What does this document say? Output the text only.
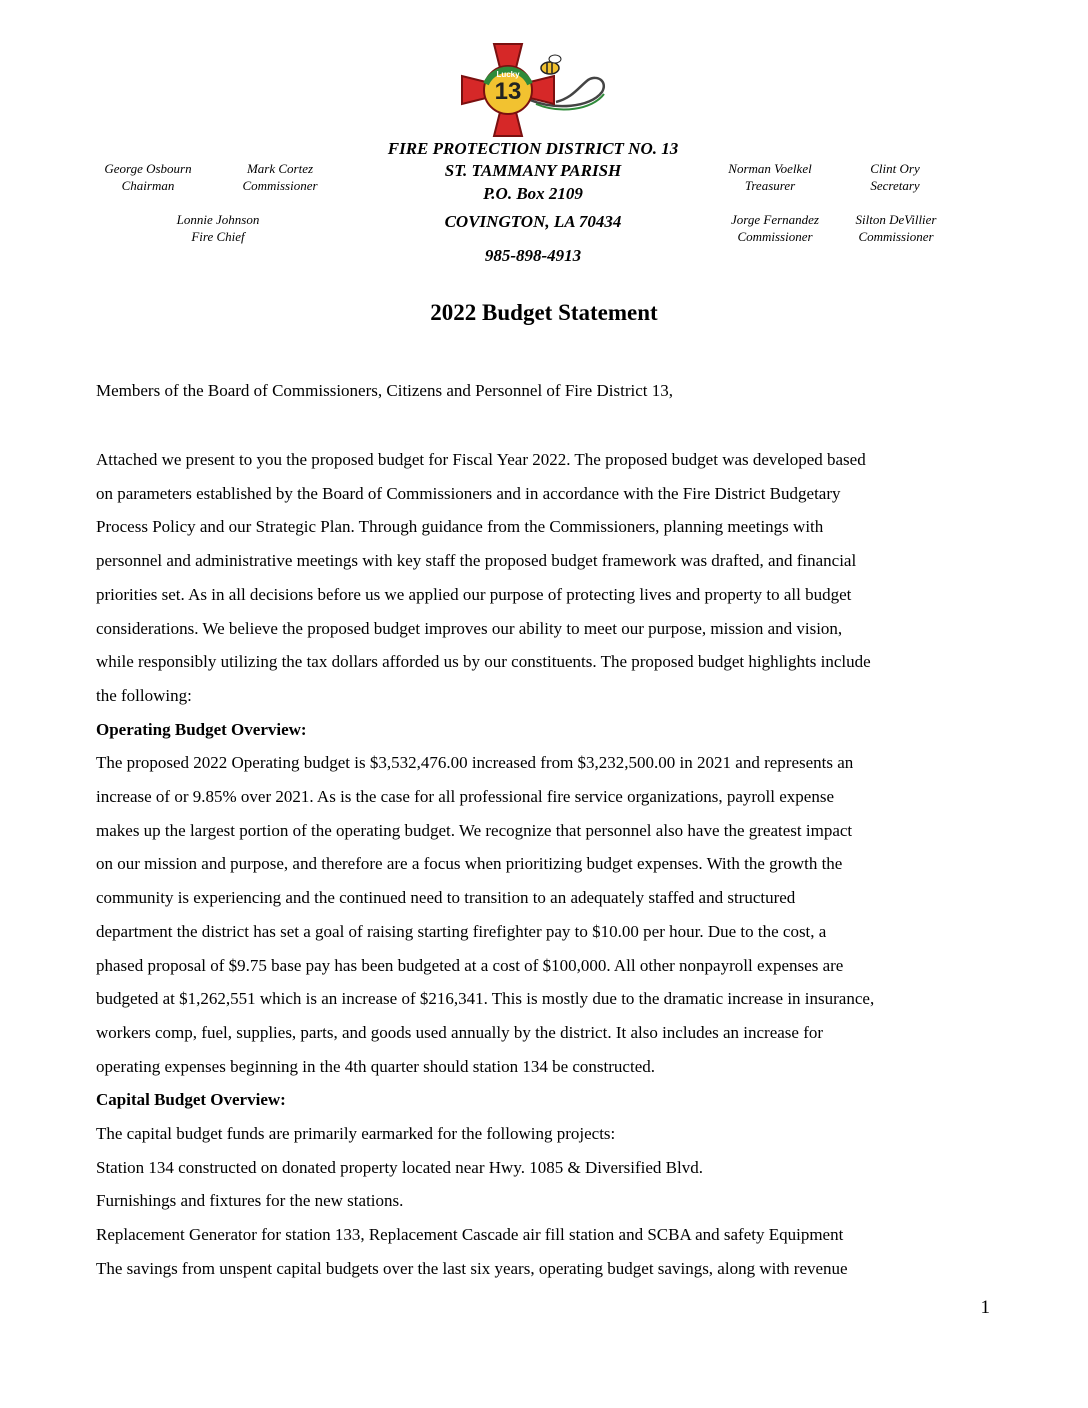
13
Lucky
George Osbourn
Chairman
Mark Cortez
Commissioner
Lonnie Johnson
Fire Chief
FIRE PROTECTION DISTRICT NO. 13
ST. TAMMANY PARISH
P.O. Box 2109
COVINGTON, LA 70434
985-898-4913
Norman Voelkel
Treasurer
Clint Ory
Secretary
Jorge Fernandez
Commissioner
Silton DeVillier
Commissioner
2022 Budget Statement
Members of the Board of Commissioners, Citizens and Personnel of Fire District 13,

Attached we present to you the proposed budget for Fiscal Year 2022. The proposed budget was developed based

on parameters established by the Board of Commissioners and in accordance with the Fire District Budgetary

Process Policy and our Strategic Plan. Through guidance from the Commissioners, planning meetings with

personnel and administrative meetings with key staff the proposed budget framework was drafted, and financial

priorities set. As in all decisions before us we applied our purpose of protecting lives and property to all budget

considerations. We believe the proposed budget improves our ability to meet our purpose, mission and vision,

while responsibly utilizing the tax dollars afforded us by our constituents. The proposed budget highlights include

the following:

Operating Budget Overview:

The proposed 2022 Operating budget is $3,532,476.00 increased from $3,232,500.00 in 2021 and represents an

increase of or 9.85% over 2021. As is the case for all professional fire service organizations, payroll expense

makes up the largest portion of the operating budget. We recognize that personnel also have the greatest impact

on our mission and purpose, and therefore are a focus when prioritizing budget expenses. With the growth the

community is experiencing and the continued need to transition to an adequately staffed and structured

department the district has set a goal of raising starting firefighter pay to $10.00 per hour. Due to the cost, a

phased proposal of $9.75 base pay has been budgeted at a cost of $100,000. All other nonpayroll expenses are

budgeted at $1,262,551 which is an increase of $216,341. This is mostly due to the dramatic increase in insurance,

workers comp, fuel, supplies, parts, and goods used annually by the district. It also includes an increase for

operating expenses beginning in the 4th quarter should station 134 be constructed.

Capital Budget Overview:

The capital budget funds are primarily earmarked for the following projects:

Station 134 constructed on donated property located near Hwy. 1085 & Diversified Blvd.

Furnishings and fixtures for the new stations.

Replacement Generator for station 133, Replacement Cascade air fill station and SCBA and safety Equipment

The savings from unspent capital budgets over the last six years, operating budget savings, along with revenue

1
